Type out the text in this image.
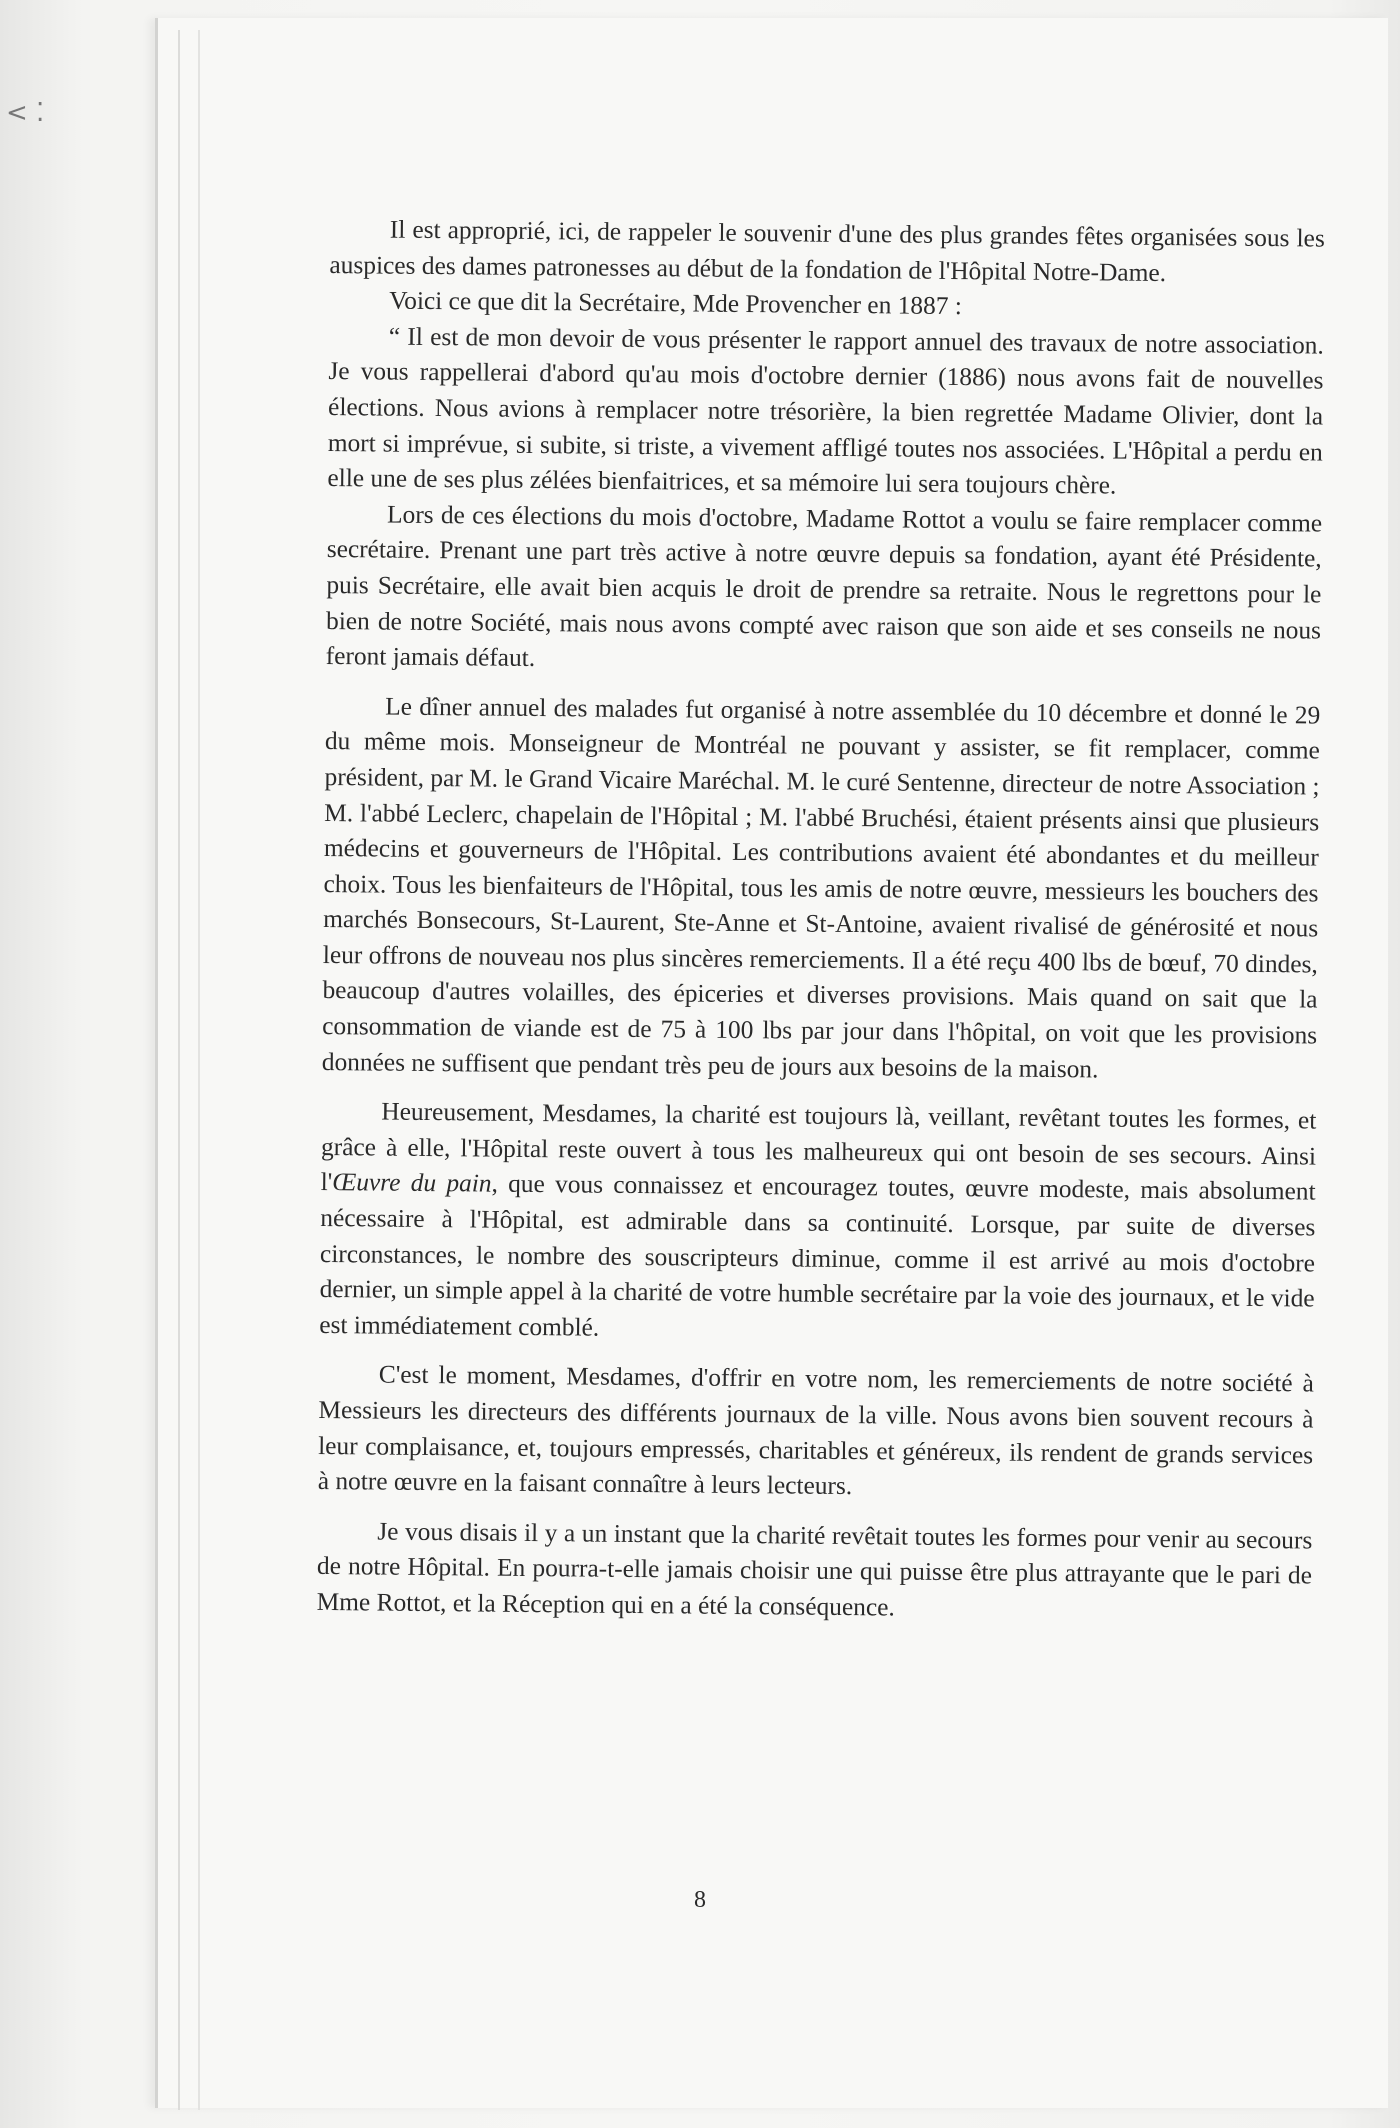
< ⁚

Il est approprié, ici, de rappeler le souvenir d'une des plus grandes fêtes organisées sous les auspices des dames patronesses au début de la fondation de l'Hôpital Notre-Dame.

Voici ce que dit la Secrétaire, Mde Provencher en 1887 :

“ Il est de mon devoir de vous présenter le rapport annuel des travaux de notre association. Je vous rappellerai d'abord qu'au mois d'octobre dernier (1886) nous avons fait de nouvelles élections. Nous avions à remplacer notre trésorière, la bien regrettée Madame Olivier, dont la mort si imprévue, si subite, si triste, a vivement affligé toutes nos associées. L'Hôpital a perdu en elle une de ses plus zélées bienfaitrices, et sa mémoire lui sera toujours chère.

Lors de ces élections du mois d'octobre, Madame Rottot a voulu se faire remplacer comme secrétaire. Prenant une part très active à notre œuvre depuis sa fondation, ayant été Présidente, puis Secrétaire, elle avait bien acquis le droit de prendre sa retraite. Nous le regrettons pour le bien de notre Société, mais nous avons compté avec raison que son aide et ses conseils ne nous feront jamais défaut.

Le dîner annuel des malades fut organisé à notre assemblée du 10 décembre et donné le 29 du même mois. Monseigneur de Montréal ne pouvant y assister, se fit remplacer, comme président, par M. le Grand Vicaire Maréchal. M. le curé Sentenne, directeur de notre Association ; M. l'abbé Leclerc, chapelain de l'Hôpital ; M. l'abbé Bruchési, étaient présents ainsi que plusieurs médecins et gouverneurs de l'Hôpital. Les contributions avaient été abondantes et du meilleur choix. Tous les bienfaiteurs de l'Hôpital, tous les amis de notre œuvre, messieurs les bouchers des marchés Bonsecours, St-Laurent, Ste-Anne et St-Antoine, avaient rivalisé de générosité et nous leur offrons de nouveau nos plus sincères remerciements. Il a été reçu 400 lbs de bœuf, 70 dindes, beaucoup d'autres volailles, des épiceries et diverses provisions. Mais quand on sait que la consommation de viande est de 75 à 100 lbs par jour dans l'hôpital, on voit que les provisions données ne suffisent que pendant très peu de jours aux besoins de la maison.

Heureusement, Mesdames, la charité est toujours là, veillant, revêtant toutes les formes, et grâce à elle, l'Hôpital reste ouvert à tous les malheureux qui ont besoin de ses secours. Ainsi l'Œuvre du pain, que vous connaissez et encouragez toutes, œuvre modeste, mais absolument nécessaire à l'Hôpital, est admirable dans sa continuité. Lorsque, par suite de diverses circonstances, le nombre des souscripteurs diminue, comme il est arrivé au mois d'octobre dernier, un simple appel à la charité de votre humble secrétaire par la voie des journaux, et le vide est immédiatement comblé.

C'est le moment, Mesdames, d'offrir en votre nom, les remerciements de notre société à Messieurs les directeurs des différents journaux de la ville. Nous avons bien souvent recours à leur complaisance, et, toujours empressés, charitables et généreux, ils rendent de grands services à notre œuvre en la faisant connaître à leurs lecteurs.

Je vous disais il y a un instant que la charité revêtait toutes les formes pour venir au secours de notre Hôpital. En pourra-t-elle jamais choisir une qui puisse être plus attrayante que le pari de Mme Rottot, et la Réception qui en a été la conséquence.

8
